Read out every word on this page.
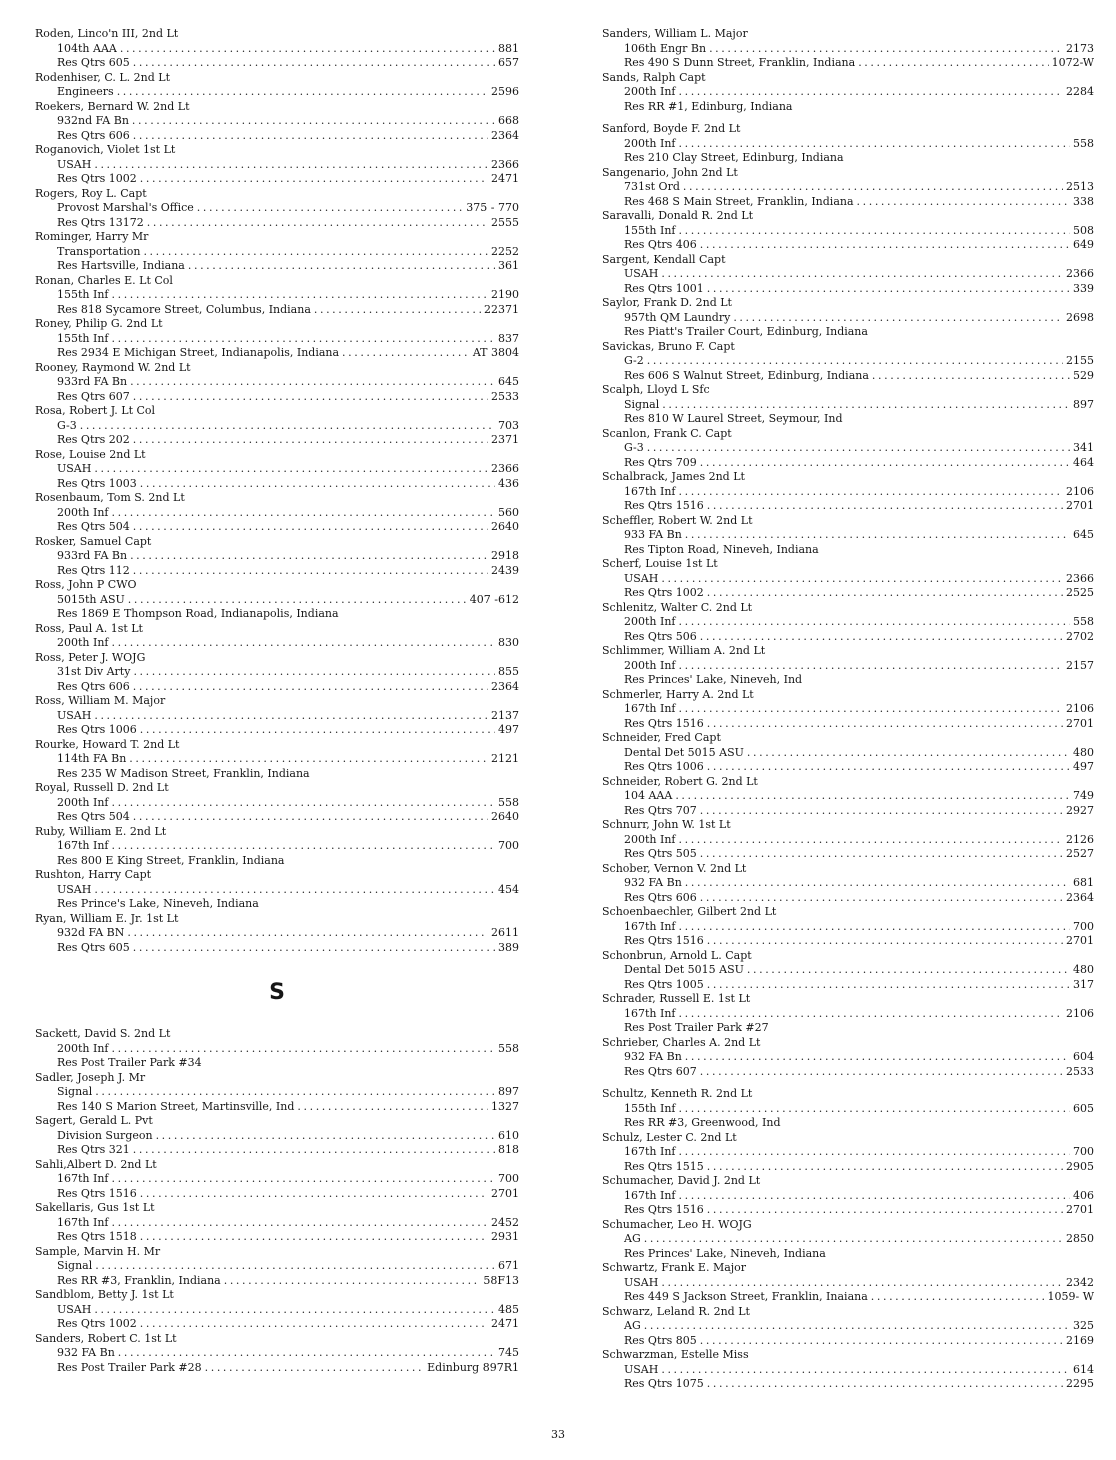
Roden, Linco'n III, 2nd Lt
104th AAA .....	881
Res Qtrs 605 .....	657
Rodenhiser, C. L. 2nd Lt
Engineers .....	2596
Roekers, Bernard W. 2nd Lt
932nd FA Bn .....	668
Res Qtrs 606 .....	2364
Roganovich, Violet 1st Lt
USAH .....	2366
Res Qtrs 1002 .....	2471
Rogers, Roy L. Capt
Provost Marshal's Office .....	375 - 770
Res Qtrs 13172 .....	2555
Rominger, Harry Mr
Transportation .....	2252
Res Hartsville, Indiana .....	361
Ronan, Charles E. Lt Col
155th Inf .....	2190
Res 818 Sycamore Street, Columbus, Indiana .....	22371
Roney, Philip G. 2nd Lt
155th Inf .....	837
Res 2934 E Michigan Street, Indianapolis, Indiana .....	AT 3804
Rooney, Raymond W. 2nd Lt
933rd FA Bn .....	645
Res Qtrs 607 .....	2533
Rosa, Robert J. Lt Col
G-3 .....	703
Res Qtrs 202 .....	2371
Rose, Louise 2nd Lt
USAH .....	2366
Res Qtrs 1003 .....	436
Rosenbaum, Tom S. 2nd Lt
200th Inf .....	560
Res Qtrs 504 .....	2640
Rosker, Samuel Capt
933rd FA Bn .....	2918
Res Qtrs 112 .....	2439
Ross, John P CWO
5015th ASU .....	407 -612
Res 1869 E Thompson Road, Indianapolis, Indiana
Ross, Paul A. 1st Lt
200th Inf .....	830
Ross, Peter J. WOJG
31st Div Arty .....	855
Res Qtrs 606 .....	2364
Ross, William M. Major
USAH .....	2137
Res Qtrs 1006 .....	497
Rourke, Howard T. 2nd Lt
114th FA Bn .....	2121
Res 235 W Madison Street, Franklin, Indiana
Royal, Russell D. 2nd Lt
200th Inf .....	558
Res Qtrs 504 .....	2640
Ruby, William E. 2nd Lt
167th Inf .....	700
Res 800 E King Street, Franklin, Indiana
Rushton, Harry Capt
USAH .....	454
Res Prince's Lake, Nineveh, Indiana
Ryan, William E. Jr. 1st Lt
932d FA BN .....	2611
Res Qtrs 605 .....	389
S
Sackett, David S. 2nd Lt
200th Inf .....	558
Res Post Trailer Park #34
Sadler, Joseph J. Mr
Signal .....	897
Res 140 S Marion Street, Martinsville, Ind .....	1327
Sagert, Gerald L. Pvt
Division Surgeon .....	610
Res Qtrs 321 .....	818
Sahli,Albert D. 2nd Lt
167th Inf .....	700
Res Qtrs 1516 .....	2701
Sakellaris, Gus 1st Lt
167th Inf .....	2452
Res Qtrs 1518 .....	2931
Sample, Marvin H. Mr
Signal .....	671
Res RR #3, Franklin, Indiana .....	58F13
Sandblom, Betty J. 1st Lt
USAH .....	485
Res Qtrs 1002 .....	2471
Sanders, Robert C. 1st Lt
932 FA Bn .....	745
Res Post Trailer Park #28 .....	Edinburg 897R1
Sanders, William L. Major
106th Engr Bn .....	2173
Res 490 S Dunn Street, Franklin, Indiana .....	1072-W
Sands, Ralph Capt
200th Inf .....	2284
Res RR #1, Edinburg, Indiana
Sanford, Boyde F. 2nd Lt
200th Inf .....	558
Res 210 Clay Street, Edinburg, Indiana
Sangenario, John 2nd Lt
731st Ord .....	2513
Res 468 S Main Street, Franklin, Indiana .....	338
Saravalli, Donald R. 2nd Lt
155th Inf .....	508
Res Qtrs 406 .....	649
Sargent, Kendall Capt
USAH .....	2366
Res Qtrs 1001 .....	339
Saylor, Frank D. 2nd Lt
957th QM Laundry .....	2698
Res Piatt's Trailer Court, Edinburg, Indiana
Savickas, Bruno F. Capt
G-2 .....	2155
Res 606 S Walnut Street, Edinburg, Indiana .....	529
Scalph, Lloyd L Sfc
Signal .....	897
Res 810 W Laurel Street, Seymour, Ind
Scanlon, Frank C. Capt
G-3 .....	341
Res Qtrs 709 .....	464
Schalbrack, James 2nd Lt
167th Inf .....	2106
Res Qtrs 1516 .....	2701
Scheffler, Robert W. 2nd Lt
933 FA Bn .....	645
Res Tipton Road, Nineveh, Indiana
Scherf, Louise 1st Lt
USAH .....	2366
Res Qtrs 1002 .....	2525
Schlenitz, Walter C. 2nd Lt
200th Inf .....	558
Res Qtrs 506 .....	2702
Schlimmer, William A. 2nd Lt
200th Inf .....	2157
Res Princes' Lake, Nineveh, Ind
Schmerler, Harry A. 2nd Lt
167th Inf .....	2106
Res Qtrs 1516 .....	2701
Schneider, Fred Capt
Dental Det 5015 ASU .....	480
Res Qtrs 1006 .....	497
Schneider, Robert G. 2nd Lt
104 AAA .....	749
Res Qtrs 707 .....	2927
Schnurr, John W. 1st Lt
200th Inf .....	2126
Res Qtrs 505 .....	2527
Schober, Vernon V. 2nd Lt
932 FA Bn .....	681
Res Qtrs 606 .....	2364
Schoenbaechler, Gilbert 2nd Lt
167th Inf .....	700
Res Qtrs 1516 .....	2701
Schonbrun, Arnold L. Capt
Dental Det 5015 ASU .....	480
Res Qtrs 1005 .....	317
Schrader, Russell E. 1st Lt
167th Inf .....	2106
Res Post Trailer Park #27
Schrieber, Charles A. 2nd Lt
932 FA Bn .....	604
Res Qtrs 607 .....	2533
Schultz, Kenneth R. 2nd Lt
155th Inf .....	605
Res RR #3, Greenwood, Ind
Schulz, Lester C. 2nd Lt
167th Inf .....	700
Res Qtrs 1515 .....	2905
Schumacher, David J. 2nd Lt
167th Inf .....	406
Res Qtrs 1516 .....	2701
Schumacher, Leo H. WOJG
AG .....	2850
Res Princes' Lake, Nineveh, Indiana
Schwartz, Frank E. Major
USAH .....	2342
Res 449 S Jackson Street, Franklin, Inaiana .....	1059- W
Schwarz, Leland R. 2nd Lt
AG .....	325
Res Qtrs 805 .....	2169
Schwarzman, Estelle Miss
USAH .....	614
Res Qtrs 1075 .....	2295
33
